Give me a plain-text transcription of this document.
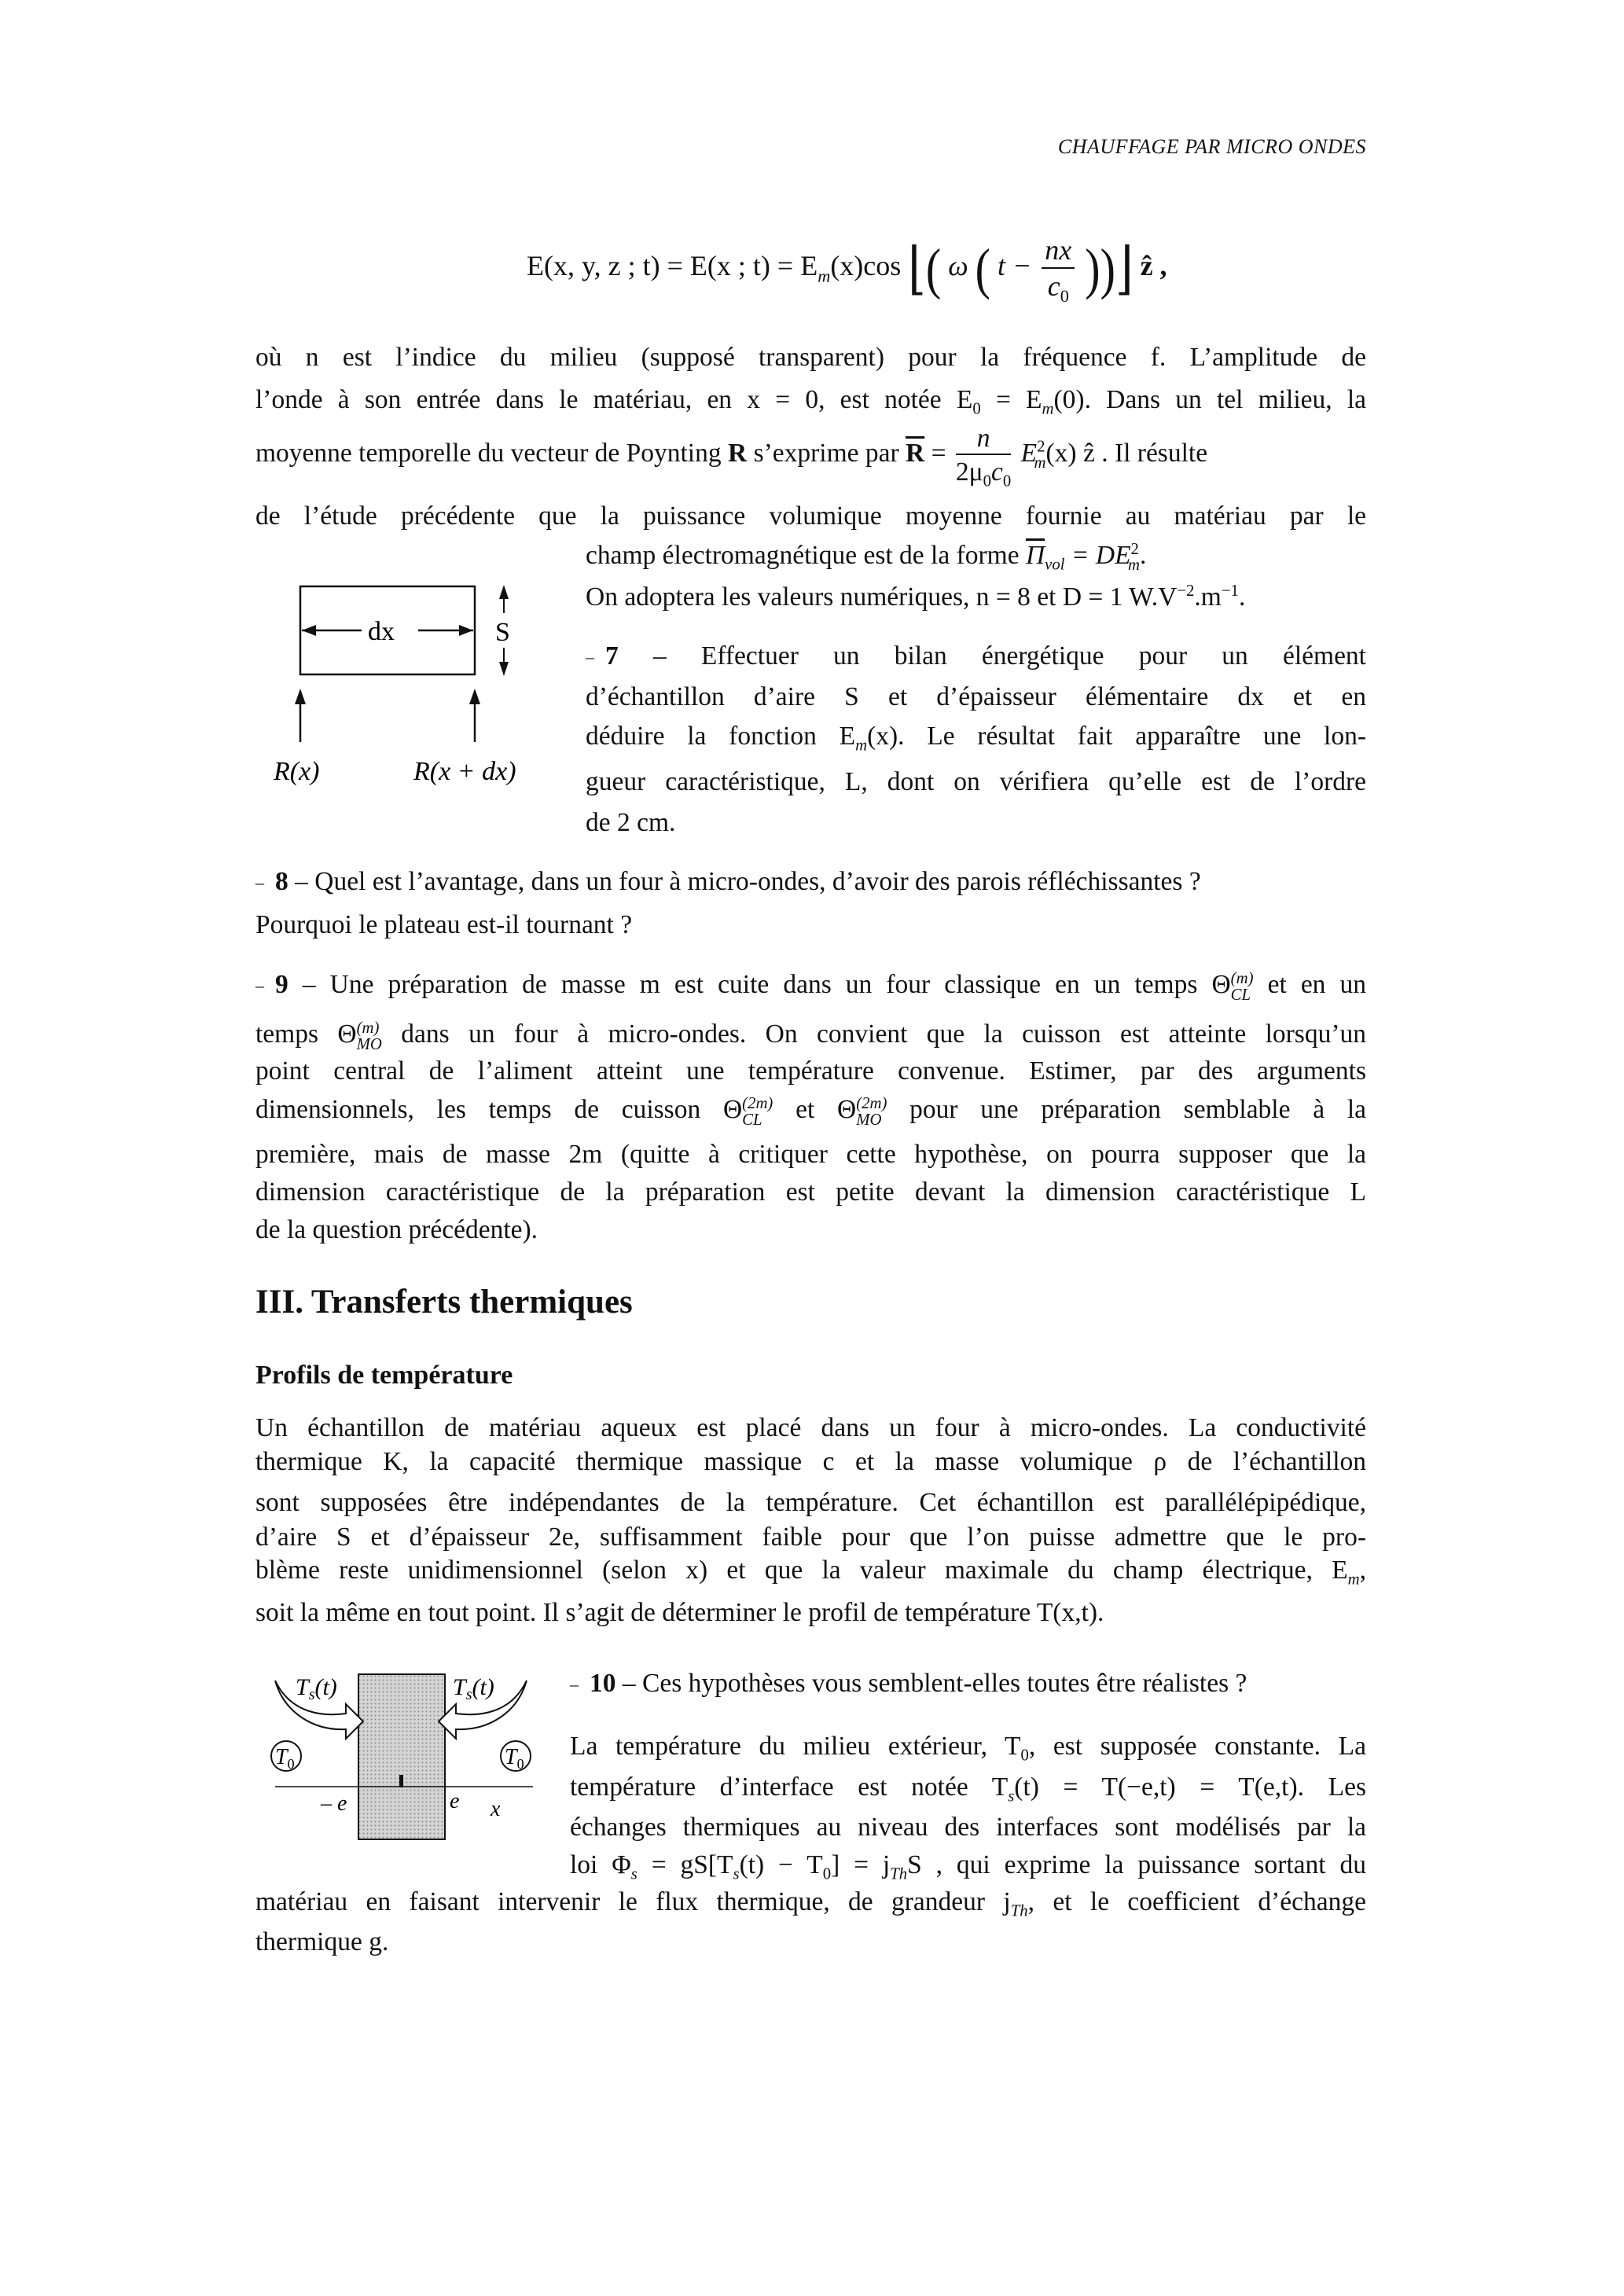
CHAUFFAGE PAR MICRO ONDES
E(x, y, z ; t) = E(x ; $t) = E_m(x)\cos$ ⌊( ω ( $t - \frac{nx}{c_0}$ ))⌋ ẑ ,
où n est l’indice du milieu (supposé transparent) pour la fréquence f. L’amplitude de
l’onde à son entrée dans le matériau, en x = 0, est notée $E_0 = E_m(0)$. Dans un tel milieu, la
moyenne temporelle du vecteur de Poynting R s’exprime par $\overline{R} = \frac{n}{2\mu_0c_0} E^2_m(x)$ ẑ . Il résulte
de l’étude précédente que la puissance volumique moyenne fournie au matériau par le
champ électromagnétique est de la forme $\overline{\Pi}_{vol} = DE^2_m$.
On adoptera les valeurs numériques, n = 8 et D = 1 $W.V^{-2}.m^{-1}$.
dx	S
R(x)	R(x + dx)
– 7 – Effectuer un bilan énergétique pour un élément
d’échantillon d’aire S et d’épaisseur élémentaire dx et en
déduire la fonction $E_m(x)$. Le résultat fait apparaître une lon-
gueur caractéristique, L, dont on vérifiera qu’elle est de l’ordre
de 2 cm.
– 8 – Quel est l’avantage, dans un four à micro-ondes, d’avoir des parois réfléchissantes ?
Pourquoi le plateau est-il tournant ?
– 9 – Une préparation de masse m est cuite dans un four classique en un temps Θ (m)
CL et en un
temps Θ (m)
MO dans un four à micro-ondes. On convient que la cuisson est atteinte lorsqu’un
point central de l’aliment atteint une température convenue. Estimer, par des arguments
dimensionnels, les temps de cuisson Θ (2m)
CL et Θ (2m)
MO pour une préparation semblable à la
première, mais de masse 2m (quitte à critiquer cette hypothèse, on pourra supposer que la
dimension caractéristique de la préparation est petite devant la dimension caractéristique L
de la question précédente).
III. Transferts thermiques
Profils de température
Un échantillon de matériau aqueux est placé dans un four à micro-ondes. La conductivité
thermique K, la capacité thermique massique c et la masse volumique ρ de l’échantillon
sont supposées être indépendantes de la température. Cet échantillon est parallélépipédique,
d’aire S et d’épaisseur 2e, suffisamment faible pour que l’on puisse admettre que le pro-
blème reste unidimensionnel (selon x) et que la valeur maximale du champ électrique, $E_m$,
soit la même en tout point. Il s’agit de déterminer le profil de température T(x,t).
$T_s(t)$	$T_s(t)$
$T_0$	$T_0$
– e	e x
– 10 – Ces hypothèses vous semblent-elles toutes être réalistes ?
La température du milieu extérieur, $T_0$, est supposée constante. La
température d’interface est notée $T_s(t) = T(-e,t) = T(e,t)$. Les
échanges thermiques au niveau des interfaces sont modélisés par la
loi $\Phi_s = gS[T_s(t) - T_0] = j_{Th}S$ , qui exprime la puissance sortant du
matériau en faisant intervenir le flux thermique, de grandeur $j_{Th}$, et le coefficient d’échange
thermique g.
